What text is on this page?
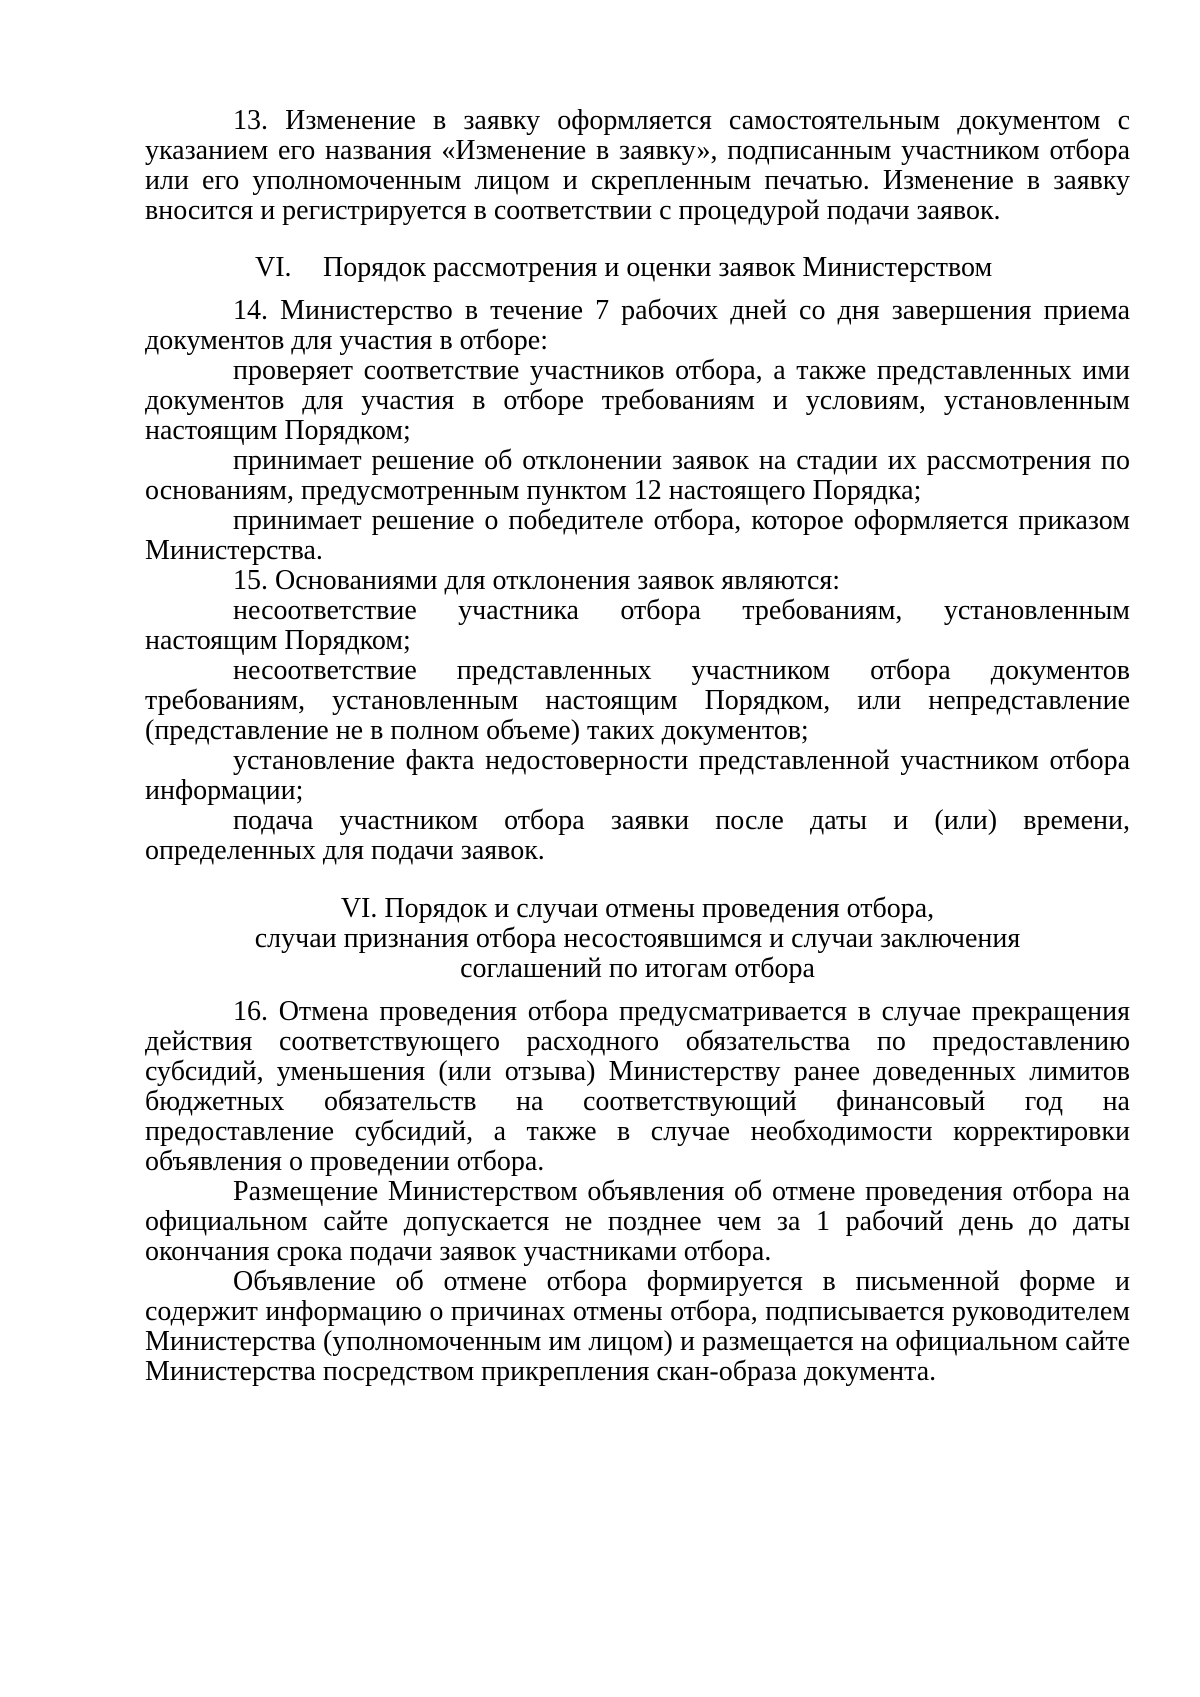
13. Изменение в заявку оформляется самостоятельным документом с указанием его названия «Изменение в заявку», подписанным участником отбора или его уполномоченным лицом и скрепленным печатью. Изменение в заявку вносится и регистрируется в соответствии с процедурой подачи заявок.

VI. Порядок рассмотрения и оценки заявок Министерством

14. Министерство в течение 7 рабочих дней со дня завершения приема документов для участия в отборе:

проверяет соответствие участников отбора, а также представленных ими документов для участия в отборе требованиям и условиям, установленным настоящим Порядком;

принимает решение об отклонении заявок на стадии их рассмотрения по основаниям, предусмотренным пунктом 12 настоящего Порядка;

принимает решение о победителе отбора, которое оформляется приказом Министерства.

15. Основаниями для отклонения заявок являются:

несоответствие участника отбора требованиям, установленным настоящим Порядком;

несоответствие представленных участником отбора документов требованиям, установленным настоящим Порядком, или непредставление (представление не в полном объеме) таких документов;

установление факта недостоверности представленной участником отбора информации;

подача участником отбора заявки после даты и (или) времени, определенных для подачи заявок.

VI. Порядок и случаи отмены проведения отбора,
случаи признания отбора несостоявшимся и случаи заключения
соглашений по итогам отбора

16. Отмена проведения отбора предусматривается в случае прекращения действия соответствующего расходного обязательства по предоставлению субсидий, уменьшения (или отзыва) Министерству ранее доведенных лимитов бюджетных обязательств на соответствующий финансовый год на предоставление субсидий, а также в случае необходимости корректировки объявления о проведении отбора.

Размещение Министерством объявления об отмене проведения отбора на официальном сайте допускается не позднее чем за 1 рабочий день до даты окончания срока подачи заявок участниками отбора.

Объявление об отмене отбора формируется в письменной форме и содержит информацию о причинах отмены отбора, подписывается руководителем Министерства (уполномоченным им лицом) и размещается на официальном сайте Министерства посредством прикрепления скан-образа документа.
